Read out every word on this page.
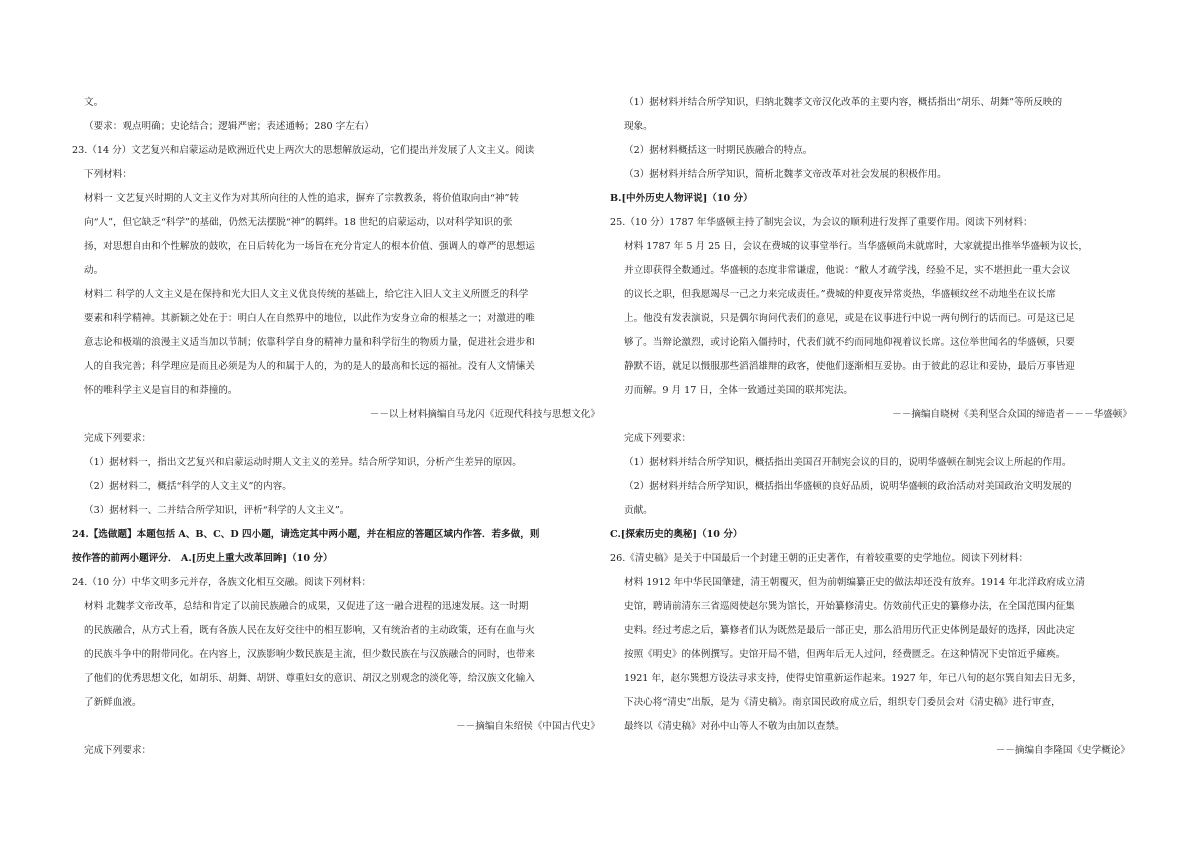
文。
（要求：观点明确；史论结合；逻辑严密；表述通畅；280 字左右）
23.（14 分）文艺复兴和启蒙运动是欧洲近代史上两次大的思想解放运动，它们提出并发展了人文主义。阅读
下列材料：
材料一 文艺复兴时期的人文主义作为对其所向往的人性的追求，摒弃了宗教教条，将价值取向由“神”转
向“人”，但它缺乏“科学”的基础，仍然无法摆脱“神”的羁绊。18 世纪的启蒙运动，以对科学知识的张
扬，对思想自由和个性解放的鼓吹，在日后转化为一场旨在充分肯定人的根本价值、强调人的尊严的思想运
动。
材料二 科学的人文主义是在保持和光大旧人文主义优良传统的基础上，给它注入旧人文主义所匮乏的科学
要素和科学精神。其新颖之处在于：明白人在自然界中的地位，以此作为安身立命的根基之一；对激进的唯
意志论和极端的浪漫主义适当加以节制；依靠科学自身的精神力量和科学衍生的物质力量，促进社会进步和
人的自我完善；科学理应是而且必须是为人的和属于人的，为的是人的最高和长远的福祉。没有人文情愫关
怀的唯科学主义是盲目的和莽撞的。
－－以上材料摘编自马龙闪《近现代科技与思想文化》
完成下列要求：
（1）据材料一，指出文艺复兴和启蒙运动时期人文主义的差异。结合所学知识，分析产生差异的原因。
（2）据材料二，概括“科学的人文主义”的内容。
（3）据材料一、二并结合所学知识，评析“科学的人文主义”。
24.【选做题】本题包括 A、B、C、D 四小题，请选定其中两小题，并在相应的答题区域内作答．若多做，则
按作答的前两小题评分． A.[历史上重大改革回眸]（10 分）
24.（10 分）中华文明多元并存，各族文化相互交融。阅读下列材料：
材料 北魏孝文帝改革，总结和肯定了以前民族融合的成果，又促进了这一融合进程的迅速发展。这一时期
的民族融合，从方式上看，既有各族人民在友好交往中的相互影响，又有统治者的主动政策，还有在血与火
的民族斗争中的附带同化。在内容上，汉族影响少数民族是主流，但少数民族在与汉族融合的同时，也带来
了他们的优秀思想文化，如胡乐、胡舞、胡饼、尊重妇女的意识、胡汉之别观念的淡化等，给汉族文化输入
了新鲜血液。
－－摘编自朱绍侯《中国古代史》
完成下列要求：
（1）据材料并结合所学知识，归纳北魏孝文帝汉化改革的主要内容，概括指出“胡乐、胡舞”等所反映的
现象。
（2）据材料概括这一时期民族融合的特点。
（3）据材料并结合所学知识，简析北魏孝文帝改革对社会发展的积极作用。
B.[中外历史人物评说]（10 分）
25.（10 分）1787 年华盛顿主持了制宪会议，为会议的顺利进行发挥了重要作用。阅读下列材料：
材料 1787 年 5 月 25 日，会议在费城的议事堂举行。当华盛顿尚未就席时，大家就提出推举华盛顿为议长，
并立即获得全数通过。华盛顿的态度非常谦虚，他说：“敝人才疏学浅，经验不足，实不堪担此一重大会议
的议长之职，但我愿竭尽一己之力来完成责任。”费城的仲夏夜异常炎热，华盛顿纹丝不动地坐在议长席
上。他没有发表演说，只是偶尔询问代表们的意见，或是在议事进行中说一两句例行的话而已。可是这已足
够了。当辩论激烈，或讨论陷入僵持时，代表们就不约而同地仰视着议长席。这位举世闻名的华盛顿，只要
静默不语，就足以慑服那些滔滔雄辩的政客，使他们逐渐相互妥协。由于彼此的忍让和妥协，最后万事皆迎
刃而解。9 月 17 日，全体一致通过美国的联邦宪法。
－－摘编自晓树《美利坚合众国的缔造者－－－华盛顿》
完成下列要求：
（1）据材料并结合所学知识，概括指出美国召开制宪会议的目的，说明华盛顿在制宪会议上所起的作用。
（2）据材料并结合所学知识，概括指出华盛顿的良好品质，说明华盛顿的政治活动对美国政治文明发展的
贡献。
C.[探索历史的奥秘]（10 分）
26.《清史稿》是关于中国最后一个封建王朝的正史著作，有着较重要的史学地位。阅读下列材料：
材料 1912 年中华民国肇建，清王朝覆灭，但为前朝编纂正史的做法却还没有放弃。1914 年北洋政府成立清
史馆，聘请前清东三省巡阅使赵尔巽为馆长，开始纂修清史。仿效前代正史的纂修办法，在全国范围内征集
史料。经过考虑之后，纂修者们认为既然是最后一部正史，那么沿用历代正史体例是最好的选择，因此决定
按照《明史》的体例撰写。史馆开局不错，但两年后无人过问，经费匮乏。在这种情况下史馆近乎瘫痪。
1921 年，赵尔巽想方设法寻求支持，使得史馆重新运作起来。1927 年，年已八旬的赵尔巽自知去日无多，
下决心将“清史”出版，是为《清史稿》。南京国民政府成立后，组织专门委员会对《清史稿》进行审查，
最终以《清史稿》对孙中山等人不敬为由加以查禁。
－－摘编自李隆国《史学概论》
